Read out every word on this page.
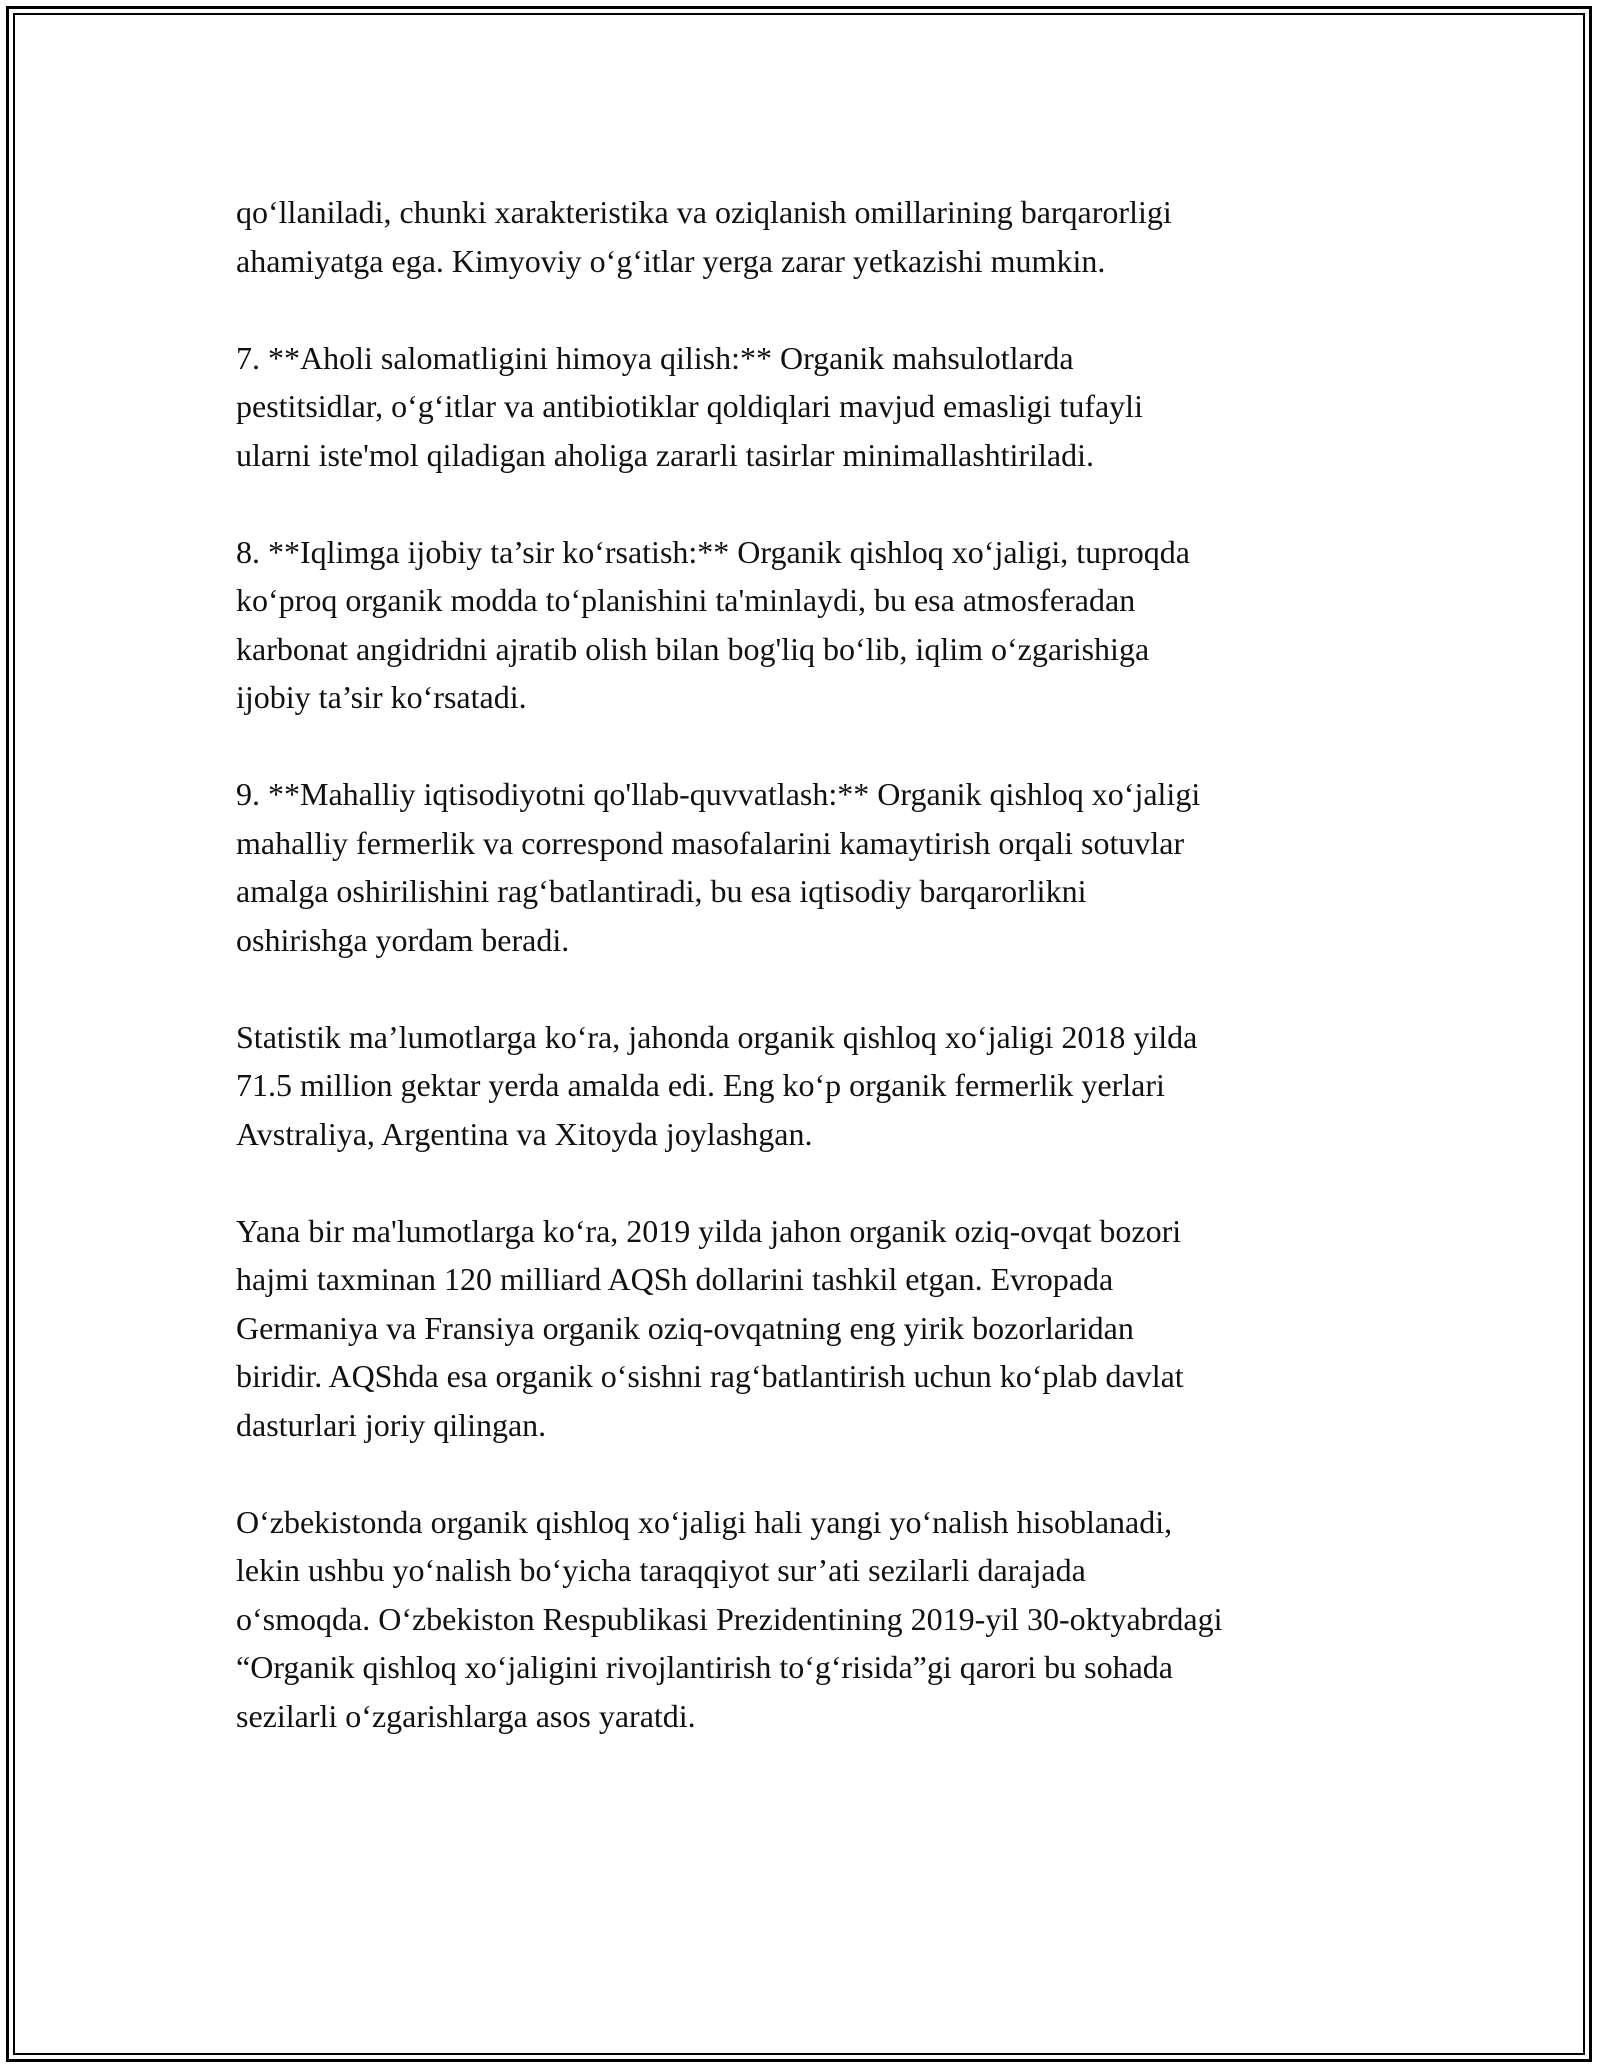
qo‘llaniladi, chunki xarakteristika va oziqlanish omillarining barqarorligi
ahamiyatga ega. Kimyoviy o‘g‘itlar yerga zarar yetkazishi mumkin.

7. **Aholi salomatligini himoya qilish:** Organik mahsulotlarda
pestitsidlar, o‘g‘itlar va antibiotiklar qoldiqlari mavjud emasligi tufayli
ularni iste'mol qiladigan aholiga zararli tasirlar minimallashtiriladi.

8. **Iqlimga ijobiy ta’sir ko‘rsatish:** Organik qishloq xo‘jaligi, tuproqda
ko‘proq organik modda to‘planishini ta'minlaydi, bu esa atmosferadan
karbonat angidridni ajratib olish bilan bog'liq bo‘lib, iqlim o‘zgarishiga
ijobiy ta’sir ko‘rsatadi.

9. **Mahalliy iqtisodiyotni qo'llab-quvvatlash:** Organik qishloq xo‘jaligi
mahalliy fermerlik va correspond masofalarini kamaytirish orqali sotuvlar
amalga oshirilishini rag‘batlantiradi, bu esa iqtisodiy barqarorlikni
oshirishga yordam beradi.

Statistik ma’lumotlarga ko‘ra, jahonda organik qishloq xo‘jaligi 2018 yilda
71.5 million gektar yerda amalda edi. Eng ko‘p organik fermerlik yerlari
Avstraliya, Argentina va Xitoyda joylashgan.

Yana bir ma'lumotlarga ko‘ra, 2019 yilda jahon organik oziq-ovqat bozori
hajmi taxminan 120 milliard AQSh dollarini tashkil etgan. Evropada
Germaniya va Fransiya organik oziq-ovqatning eng yirik bozorlaridan
biridir. AQShda esa organik o‘sishni rag‘batlantirish uchun ko‘plab davlat
dasturlari joriy qilingan.

O‘zbekistonda organik qishloq xo‘jaligi hali yangi yo‘nalish hisoblanadi,
lekin ushbu yo‘nalish bo‘yicha taraqqiyot sur’ati sezilarli darajada
o‘smoqda. O‘zbekiston Respublikasi Prezidentining 2019-yil 30-oktyabrdagi
“Organik qishloq xo‘jaligini rivojlantirish to‘g‘risida”gi qarori bu sohada
sezilarli o‘zgarishlarga asos yaratdi.
